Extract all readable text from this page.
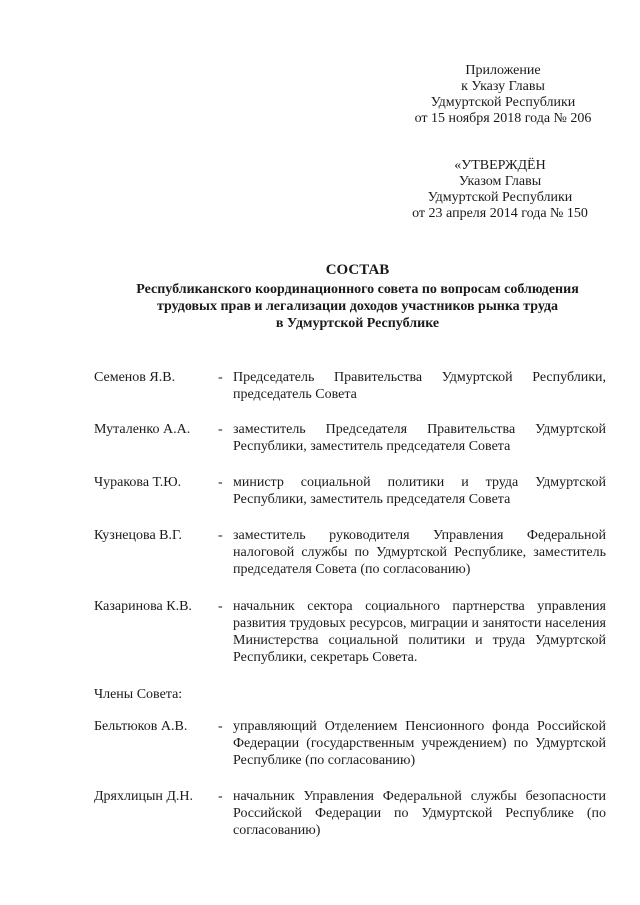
Приложение
к Указу Главы
Удмуртской Республики
от 15 ноября 2018 года № 206
«УТВЕРЖДЁН
Указом Главы
Удмуртской Республики
от 23 апреля 2014 года № 150
СОСТАВ
Республиканского координационного совета по вопросам соблюдения
трудовых прав и легализации доходов участников рынка труда
в Удмуртской Республике
Семенов Я.В.	- Председатель Правительства Удмуртской Республики, председатель Совета
Муталенко А.А. - заместитель Председателя Правительства Удмуртской Республики, заместитель председателя Совета
Чуракова Т.Ю.	- министр социальной политики и труда Удмуртской Республики, заместитель председателя Совета
Кузнецова В.Г.	- заместитель руководителя Управления Федеральной налоговой службы по Удмуртской Республике, заместитель председателя Совета (по согласованию)
Казаринова К.В. - начальник сектора социального партнерства управления развития трудовых ресурсов, миграции и занятости населения Министерства социальной политики и труда Удмуртской Республики, секретарь Совета.
Члены Совета:
Бельтюков А.В. - управляющий Отделением Пенсионного фонда Российской Федерации (государственным учреждением) по Удмуртской Республике (по согласованию)
Дряхлицын Д.Н. - начальник Управления Федеральной службы безопасности Российской Федерации по Удмуртской Республике (по согласованию)
